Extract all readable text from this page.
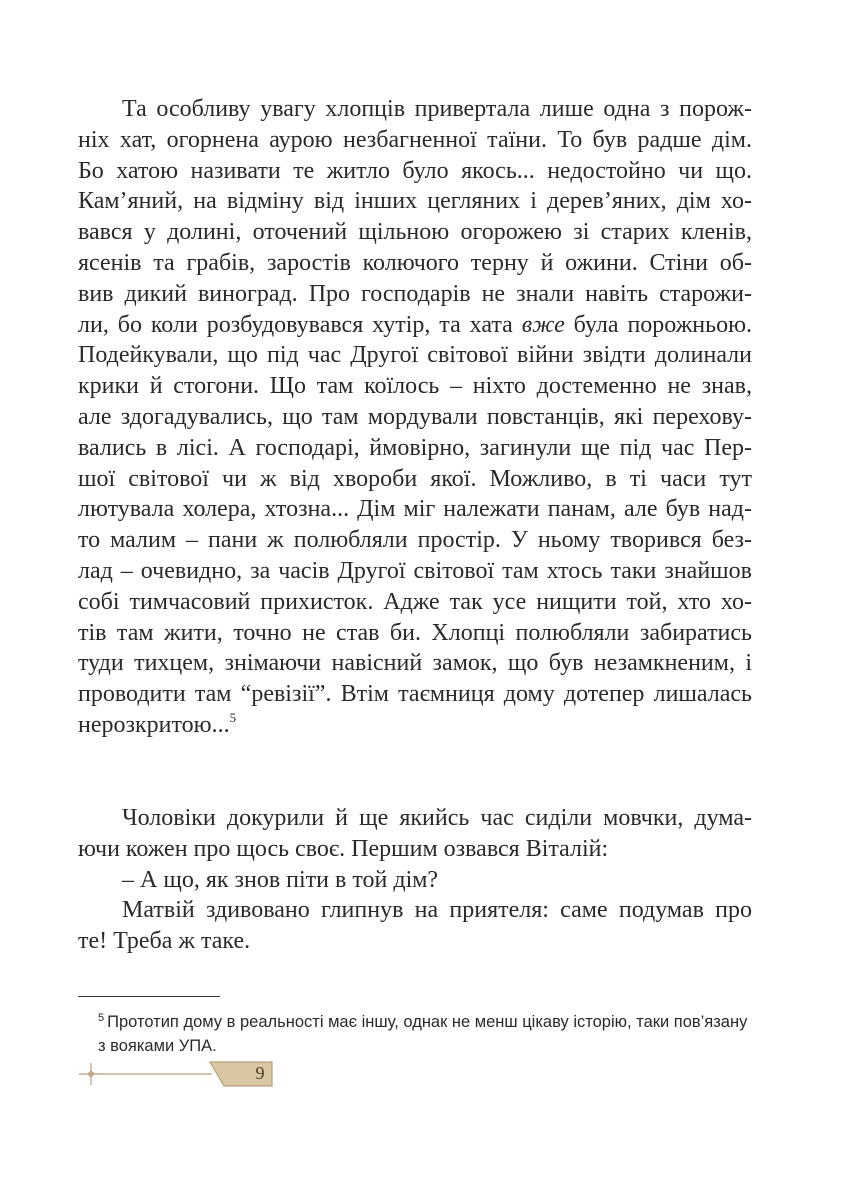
Та особливу увагу хлопців привертала лише одна з порож-
ніх хат, огорнена аурою незбагненної таїни. То був радше дім.
Бо хатою називати те житло було якось... недостойно чи що.
Кам’яний, на відміну від інших цегляних і дерев’яних, дім хо-
вався у долині, оточений щільною огорожею зі старих кленів,
ясенів та грабів, заростів колючого терну й ожини. Стіни об-
вив дикий виноград. Про господарів не знали навіть старожи-
ли, бо коли розбудовувався хутір, та хата вже була порожньою.
Подейкували, що під час Другої світової війни звідти долинали
крики й стогони. Що там коїлось – ніхто достеменно не знав,
але здогадувались, що там мордували повстанців, які перехову-
вались в лісі. А господарі, ймовірно, загинули ще під час Пер-
шої світової чи ж від хвороби якої. Можливо, в ті часи тут
лютувала холера, хтозна... Дім міг належати панам, але був над-
то малим – пани ж полюбляли простір. У ньому творився без-
лад – очевидно, за часів Другої світової там хтось таки знайшов
собі тимчасовий прихисток. Адже так усе нищити той, хто хо-
тів там жити, точно не став би. Хлопці полюбляли забиратись
туди тихцем, знімаючи навісний замок, що був незамкненим, і
проводити там “ревізії”. Втім таємниця дому дотепер лишалась
нерозкритою...$^5$
Чоловіки докурили й ще якийсь час сиділи мовчки, дума-
ючи кожен про щось своє. Першим озвався Віталій:
– А що, як знов піти в той дім?
Матвій здивовано глипнув на приятеля: саме подумав про
те! Треба ж таке.
$^5$ Прототип дому в реальності має іншу, однак не менш цікаву історію, таки пов’язану
з вояками УПА.
9
